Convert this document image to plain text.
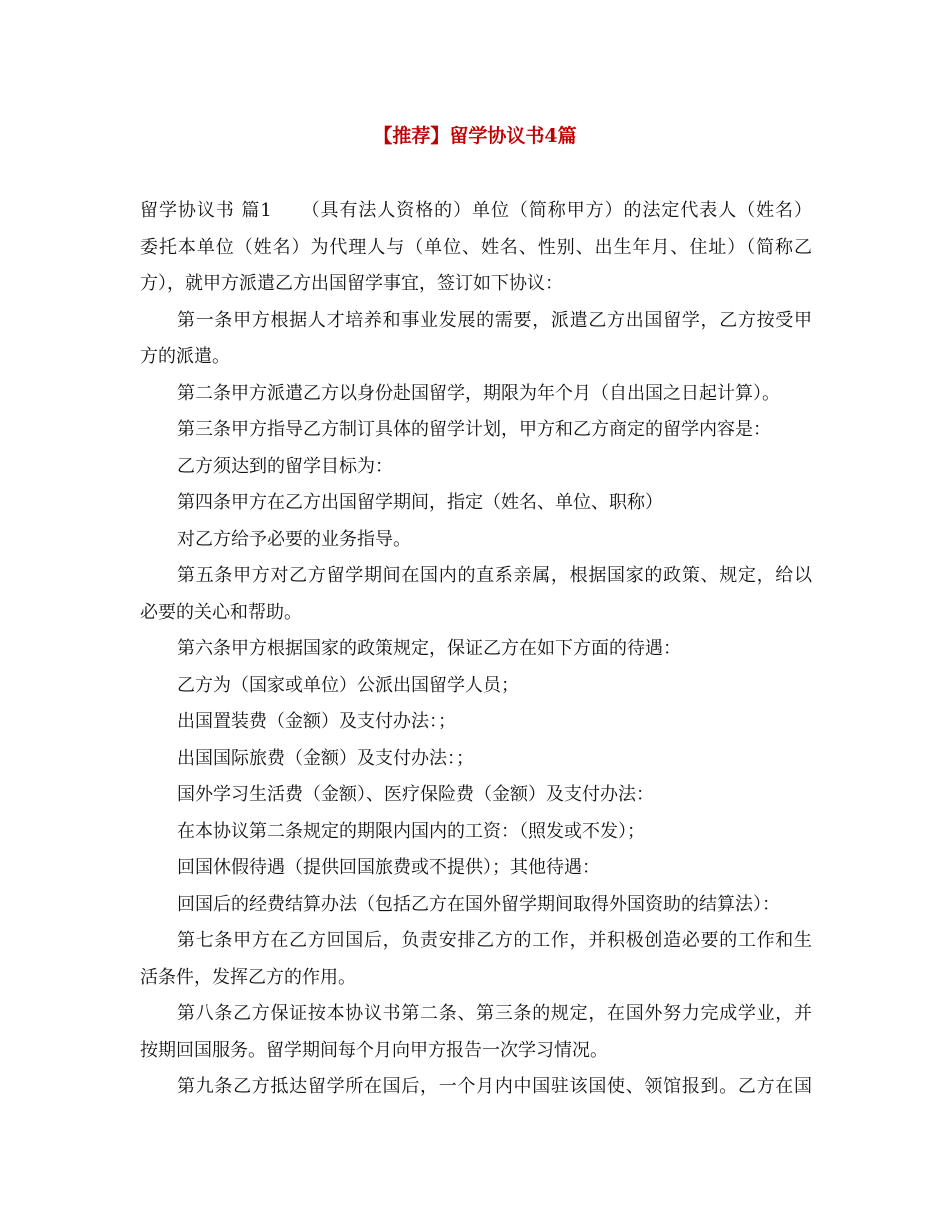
【推荐】留学协议书4篇
留学协议书 篇1　　（具有法人资格的）单位（简称甲方）的法定代表人（姓名）
委托本单位（姓名）为代理人与（单位、姓名、性别、出生年月、住址）（简称乙
方），就甲方派遣乙方出国留学事宜，签订如下协议：
第一条甲方根据人才培养和事业发展的需要，派遣乙方出国留学，乙方按受甲
方的派遣。
第二条甲方派遣乙方以身份赴国留学，期限为年个月（自出国之日起计算）。
第三条甲方指导乙方制订具体的留学计划，甲方和乙方商定的留学内容是：
乙方须达到的留学目标为：
第四条甲方在乙方出国留学期间，指定（姓名、单位、职称）
对乙方给予必要的业务指导。
第五条甲方对乙方留学期间在国内的直系亲属，根据国家的政策、规定，给以
必要的关心和帮助。
第六条甲方根据国家的政策规定，保证乙方在如下方面的待遇：
乙方为（国家或单位）公派出国留学人员；
出国置装费（金额）及支付办法：；
出国国际旅费（金额）及支付办法：；
国外学习生活费（金额）、医疗保险费（金额）及支付办法：
在本协议第二条规定的期限内国内的工资：（照发或不发）；
回国休假待遇（提供回国旅费或不提供）；其他待遇：
回国后的经费结算办法（包括乙方在国外留学期间取得外国资助的结算法）：
第七条甲方在乙方回国后，负责安排乙方的工作，并积极创造必要的工作和生
活条件，发挥乙方的作用。
第八条乙方保证按本协议书第二条、第三条的规定，在国外努力完成学业，并
按期回国服务。留学期间每个月向甲方报告一次学习情况。
第九条乙方抵达留学所在国后，一个月内中国驻该国使、领馆报到。乙方在国
